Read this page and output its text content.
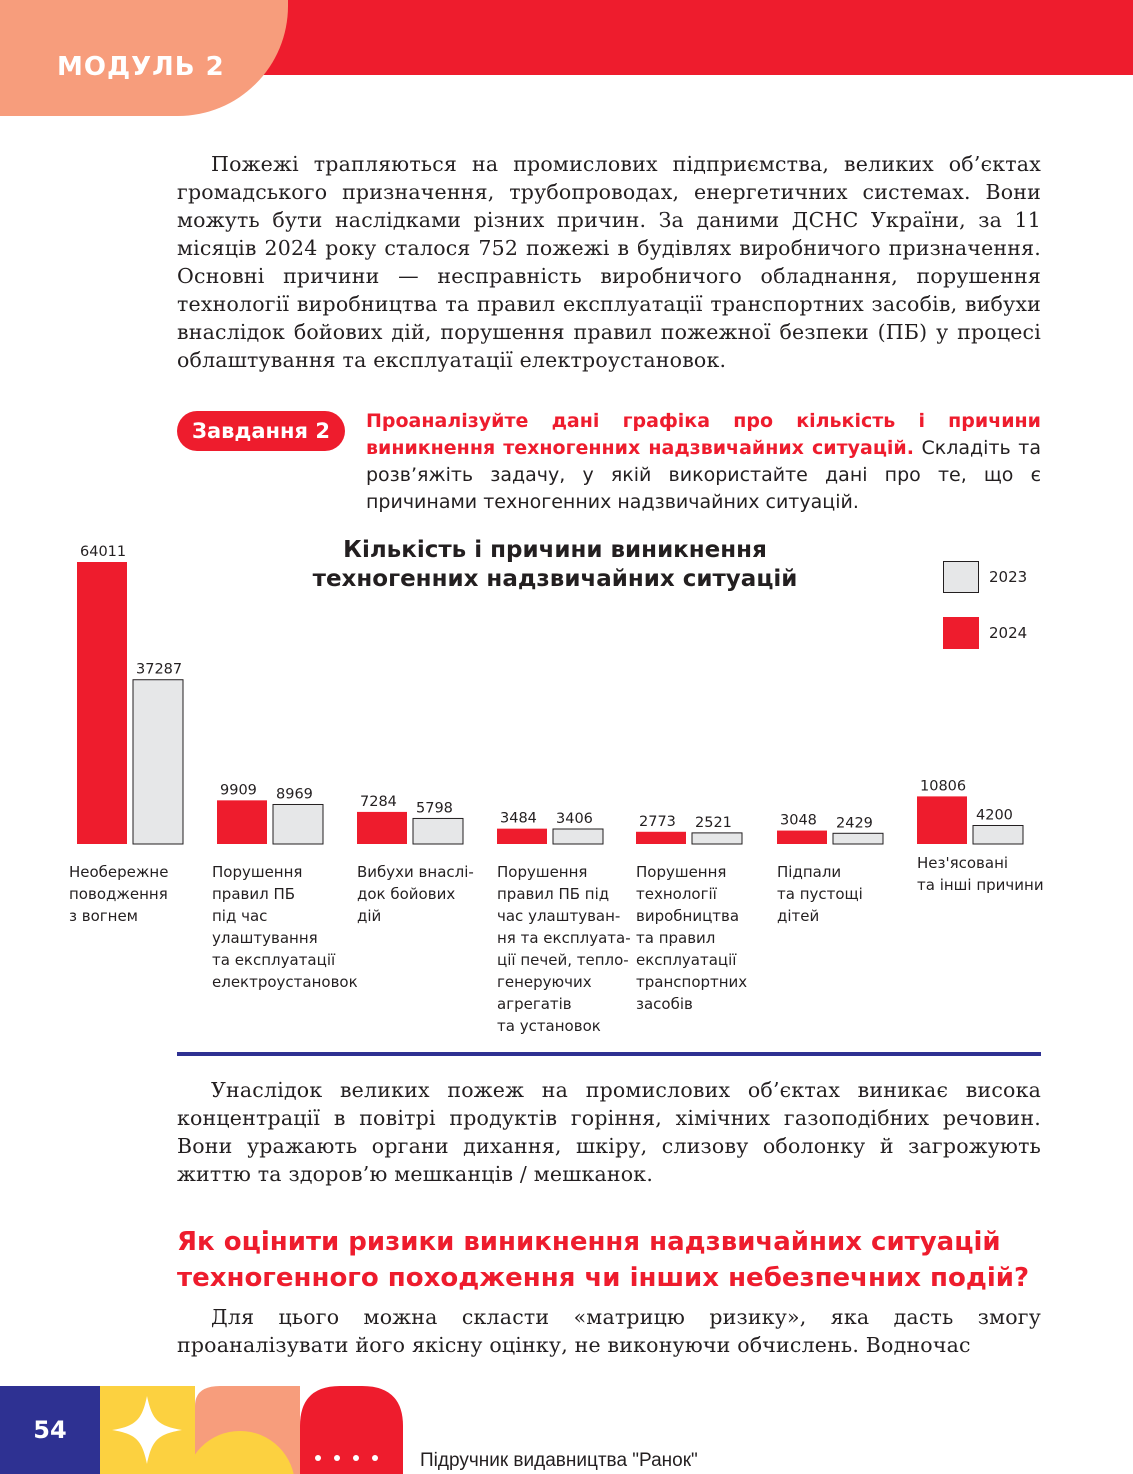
МОДУЛЬ 2

Пожежі трапляються на промислових підприємства, великих об’єктах громадського призначення, трубопроводах, енергетичних системах. Вони можуть бути наслідками різних причин. За даними ДСНС України, за 11 місяців 2024 року сталося 752 пожежі в будівлях виробничого призначення. Основні причини — несправність виробничого обладнання, порушення технології виробництва та правил експлуатації транспортних засобів, вибухи внаслідок бойових дій, порушення правил пожежної безпеки (ПБ) у процесі облаштування та експлуатації електроустановок.

Завдання 2	Проаналізуйте дані графіка про кількість і причини виникнення техногенних надзвичайних ситуацій. Складіть та розв’яжіть задачу, у якій використайте дані про те, що є причинами техногенних надзвичайних ситуацій.

Кількість і причини виникнення
техногенних надзвичайних ситуацій	2023
2024
64011
37287
9909 8969	7284 5798
3484 3406	2773 2521	3048 2429
10806
4200

Необережне
поводження
з вогнем

Порушення
правил ПБ
під час
улаштування
та експлуатації
електроустановок

Вибухи внаслі-
док бойових
дій

Порушення
правил ПБ під
час улаштуван-
ня та експлуата-
ції печей, тепло-
генеруючих
агрегатів
та установок

Порушення
технології
виробництва
та правил
експлуатації
транспортних
засобів

Підпали
та пустощі
дітей

Нез'ясовані
та інші причини

Унаслідок великих пожеж на промислових об’єктах виникає висока концентрації в повітрі продуктів горіння, хімічних газоподібних речовин. Вони уражають органи дихання, шкіру, слизову оболонку й загрожують життю та здоров’ю мешканців / мешканок.

Як оцінити ризики виникнення надзвичайних ситуацій техногенного походження чи інших небезпечних подій?

Для цього можна скласти «матрицю ризику», яка дасть змогу проаналізувати його якісну оцінку, не виконуючи обчислень. Водночас

54
Підручник видавництва "Ранок"
